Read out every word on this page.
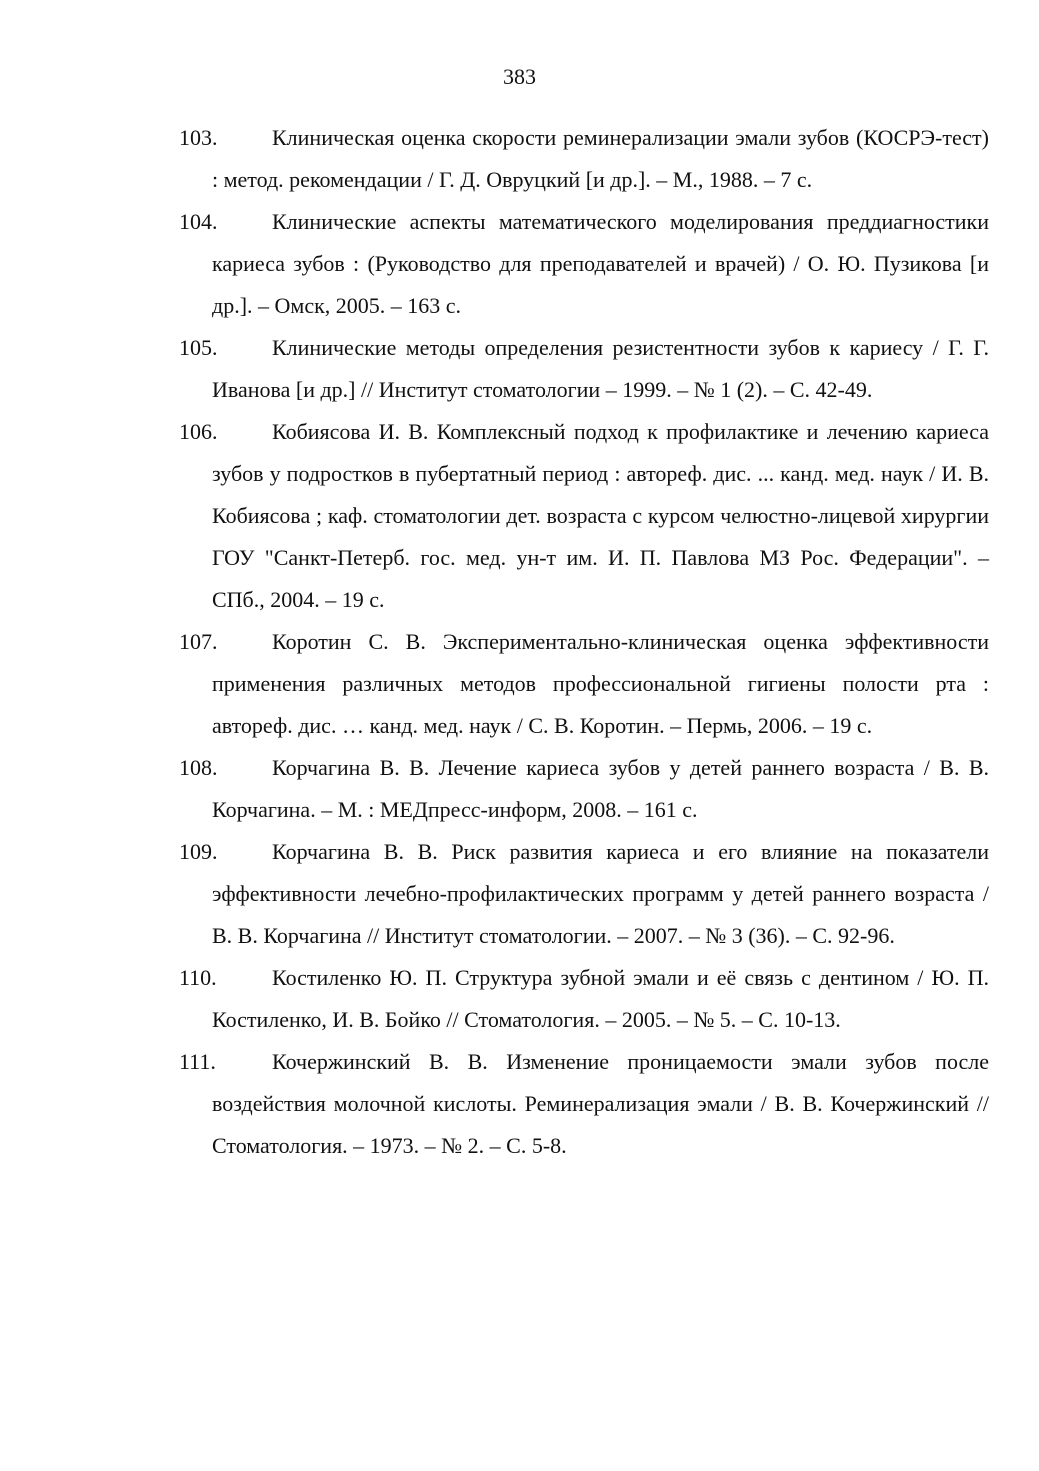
383
103. Клиническая оценка скорости реминерализации эмали зубов (КОСРЭ-тест) : метод. рекомендации / Г. Д. Овруцкий [и др.]. – М., 1988. – 7 с.
104. Клинические аспекты математического моделирования преддиагностики кариеса зубов : (Руководство для преподавателей и врачей) / О. Ю. Пузикова [и др.]. – Омск, 2005. – 163 с.
105. Клинические методы определения резистентности зубов к кариесу / Г. Г. Иванова [и др.] // Институт стоматологии – 1999. – № 1 (2). – С. 42-49.
106. Кобиясова И. В. Комплексный подход к профилактике и лечению кариеса зубов у подростков в пубертатный период : автореф. дис. ... канд. мед. наук / И. В. Кобиясова ; каф. стоматологии дет. возраста с курсом челюстно-лицевой хирургии ГОУ "Санкт-Петерб. гос. мед. ун-т им. И. П. Павлова МЗ Рос. Федерации". – СПб., 2004. – 19 с.
107. Коротин С. В. Экспериментально-клиническая оценка эффективности применения различных методов профессиональной гигиены полости рта : автореф. дис. … канд. мед. наук / С. В. Коротин. – Пермь, 2006. – 19 с.
108. Корчагина В. В. Лечение кариеса зубов у детей раннего возраста / В. В. Корчагина. – М. : МЕДпресс-информ, 2008. – 161 с.
109. Корчагина В. В. Риск развития кариеса и его влияние на показатели эффективности лечебно-профилактических программ у детей раннего возраста / В. В. Корчагина // Институт стоматологии. – 2007. – № 3 (36). – С. 92-96.
110.	Костиленко Ю. П. Структура зубной эмали и её связь с дентином / Ю. П. Костиленко, И. В. Бойко // Стоматология. – 2005. – № 5. – С. 10-13.
111.	Кочержинский В. В. Изменение проницаемости эмали зубов после воздействия молочной кислоты. Реминерализация эмали / В. В. Кочержинский // Стоматология. – 1973. – № 2. – С. 5-8.
